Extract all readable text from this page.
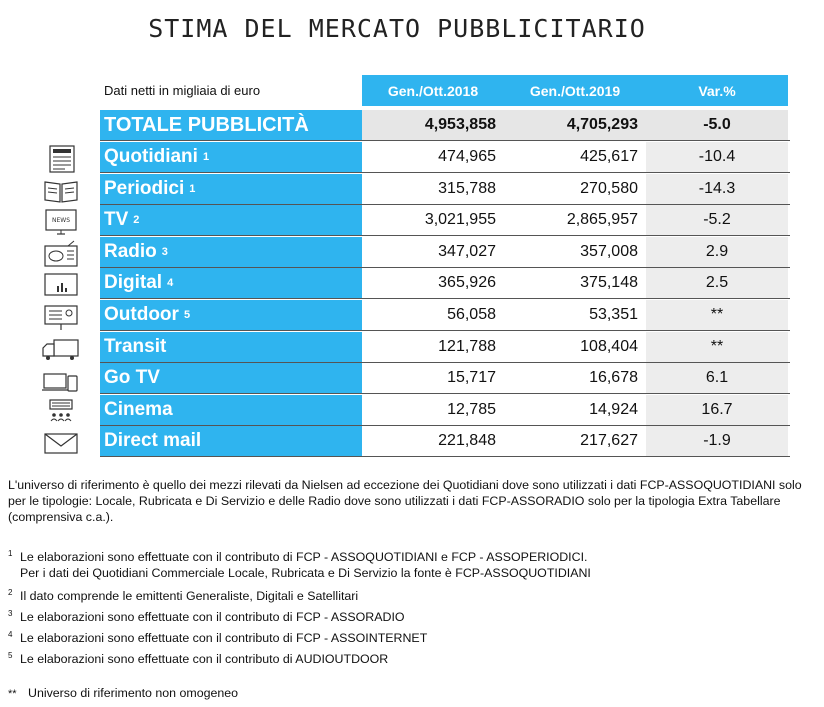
STIMA DEL MERCATO PUBBLICITARIO
Dati netti in migliaia di euro	Gen./Ott.2018	Gen./Ott.2019	Var.%
TOTALE PUBBLICITÀ	4,953,858	4,705,293	-5.0
Quotidiani 1	474,965	425,617	-10.4
Periodici 1	315,788	270,580	-14.3
TV 2	3,021,955	2,865,957	-5.2
Radio 3	347,027	357,008	2.9
Digital 4	365,926	375,148	2.5
Outdoor 5	56,058	53,351	**
Transit	121,788	108,404	**
Go TV	15,717	16,678	6.1
Cinema	12,785	14,924	16.7
Direct mail	221,848	217,627	-1.9
NEWS
L'universo di riferimento è quello dei mezzi rilevati da Nielsen ad eccezione dei Quotidiani dove sono utilizzati i dati FCP-ASSOQUOTIDIANI solo per le tipologie: Locale, Rubricata e Di Servizio e delle Radio dove sono utilizzati i dati FCP-ASSORADIO solo per la tipologia Extra Tabellare (comprensiva c.a.).
1 Le elaborazioni sono effettuate con il contributo di FCP - ASSOQUOTIDIANI e FCP - ASSOPERIODICI.
Per i dati dei Quotidiani Commerciale Locale, Rubricata e Di Servizio la fonte è FCP-ASSOQUOTIDIANI
2 Il dato comprende le emittenti Generaliste, Digitali e Satellitari
3 Le elaborazioni sono effettuate con il contributo di FCP - ASSORADIO
4 Le elaborazioni sono effettuate con il contributo di FCP - ASSOINTERNET
5 Le elaborazioni sono effettuate con il contributo di AUDIOUTDOOR
** Universo di riferimento non omogeneo
